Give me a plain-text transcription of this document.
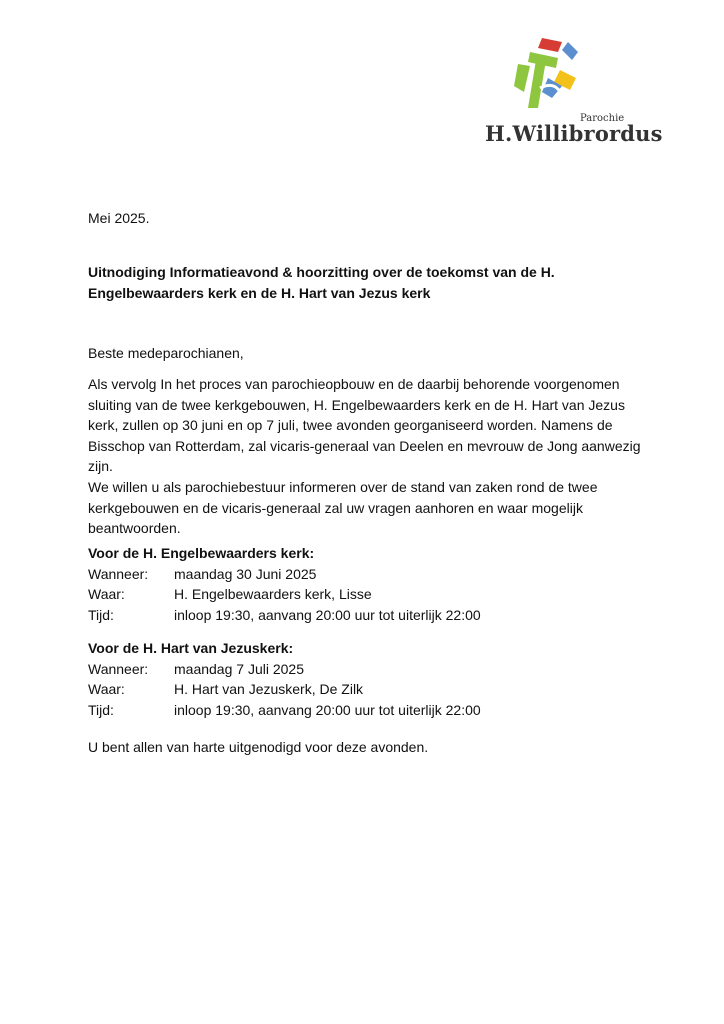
Parochie
H.Willibrordus

Mei 2025.

Uitnodiging Informatieavond & hoorzitting over de toekomst van de H. Engelbewaarders kerk en de H. Hart van Jezus kerk

Beste medeparochianen,

Als vervolg In het proces van parochieopbouw en de daarbij behorende voorgenomen sluiting van de twee kerkgebouwen, H. Engelbewaarders kerk en de H. Hart van Jezus kerk, zullen op 30 juni en op 7 juli, twee avonden georganiseerd worden. Namens de Bisschop van Rotterdam, zal vicaris-generaal van Deelen en mevrouw de Jong aanwezig zijn.

We willen u als parochiebestuur informeren over de stand van zaken rond de twee kerkgebouwen en de vicaris-generaal zal uw vragen aanhoren en waar mogelijk beantwoorden.

Voor de H. Engelbewaarders kerk:
Wanneer:	maandag 30 Juni 2025
Waar:	H. Engelbewaarders kerk, Lisse
Tijd:	inloop 19:30, aanvang 20:00 uur tot uiterlijk 22:00
Voor de H. Hart van Jezuskerk:
Wanneer:	maandag 7 Juli 2025
Waar:	H. Hart van Jezuskerk, De Zilk
Tijd:	inloop 19:30, aanvang 20:00 uur tot uiterlijk 22:00

U bent allen van harte uitgenodigd voor deze avonden.
